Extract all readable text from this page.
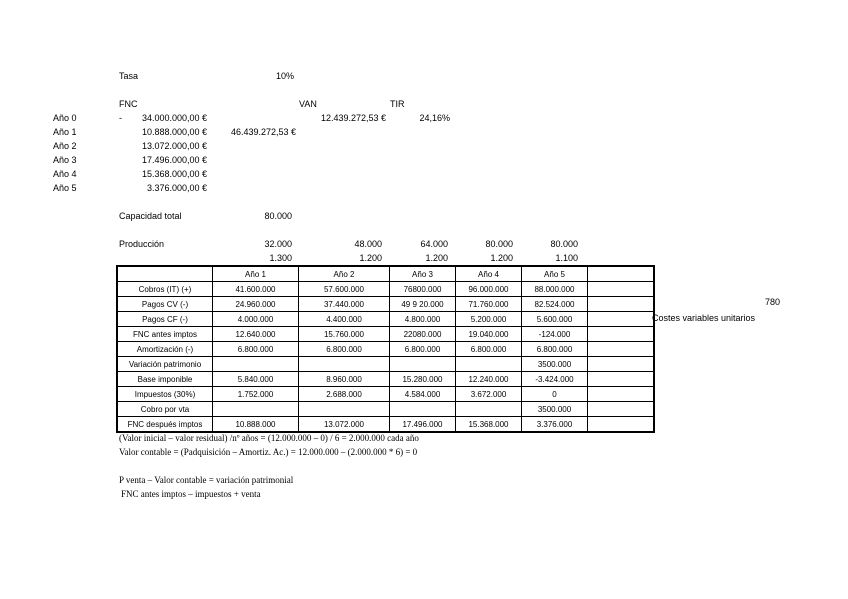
Tasa	10%
FNC	VAN	TIR
Año 0	-	34.000.000,00 €	12.439.272,53 €	24,16%
Año 1	10.888.000,00 €	46.439.272,53 €
Año 2	13.072.000,00 €
Año 3	17.496.000,00 €
Año 4	15.368.000,00 €
Año 5	3.376.000,00 €
Capacidad total	80.000
Producción	32.000	48.000	64.000	80.000	80.000
1.300	1.200	1.200	1.200	1.100
780
Costes variables unitarios
	Año 1	Año 2	Año 3	Año 4	Año 5	
Cobros (IT) (+)	41.600.000	57.600.000	76800.000	96.000.000	88.000.000	
Pagos CV (-)	24.960.000	37.440.000	49 9 20.000	71.760.000	82.524.000	
Pagos CF (-)	4.000.000	4.400.000	4.800.000	5.200.000	5.600.000	
FNC antes imptos	12.640.000	15.760.000	22080.000	19.040.000	-124.000	
Amortización (-)	6.800.000	6.800.000	6.800.000	6.800.000	6.800.000	
Variación patrimonio					3500.000	
Base imponible	5.840.000	8.960.000	15.280.000	12.240.000	-3.424.000	
Impuestos (30%)	1.752.000	2.688.000	4.584.000	3.672.000	0	
Cobro por vta					3500.000	
FNC después imptos	10.888.000	13.072.000	17.496.000	15.368.000	3.376.000	
(Valor inicial – valor residual) /nº años = (12.000.000 – 0) / 6 = 2.000.000 cada año
Valor contable = (Padquisición – Amortiz. Ac.) = 12.000.000 – (2.000.000 * 6) = 0
P venta – Valor contable = variación patrimonial
FNC antes imptos – impuestos + venta
